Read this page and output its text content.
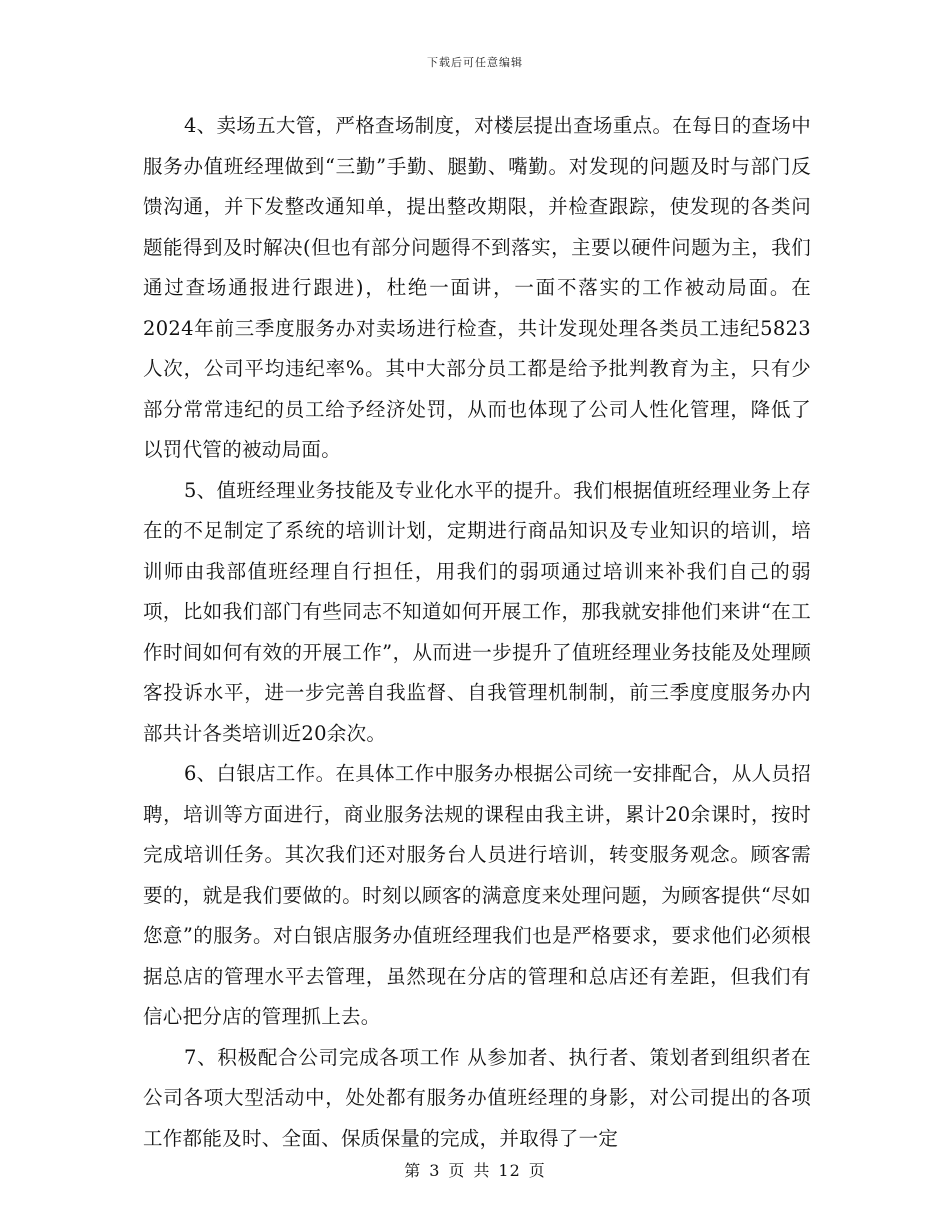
下载后可任意编辑

4、卖场五大管，严格查场制度，对楼层提出查场重点。在每日的查场中服务办值班经理做到“三勤”手勤、腿勤、嘴勤。对发现的问题及时与部门反馈沟通，并下发整改通知单，提出整改期限，并检查跟踪，使发现的各类问题能得到及时解决(但也有部分问题得不到落实，主要以硬件问题为主，我们通过查场通报进行跟进)，杜绝一面讲，一面不落实的工作被动局面。在2024年前三季度服务办对卖场进行检查，共计发现处理各类员工违纪5823人次，公司平均违纪率%。其中大部分员工都是给予批判教育为主，只有少部分常常违纪的员工给予经济处罚，从而也体现了公司人性化管理，降低了以罚代管的被动局面。

5、值班经理业务技能及专业化水平的提升。我们根据值班经理业务上存在的不足制定了系统的培训计划，定期进行商品知识及专业知识的培训，培训师由我部值班经理自行担任，用我们的弱项通过培训来补我们自己的弱项，比如我们部门有些同志不知道如何开展工作，那我就安排他们来讲“在工作时间如何有效的开展工作”，从而进一步提升了值班经理业务技能及处理顾客投诉水平，进一步完善自我监督、自我管理机制制，前三季度度服务办内部共计各类培训近20余次。

6、白银店工作。在具体工作中服务办根据公司统一安排配合，从人员招聘，培训等方面进行，商业服务法规的课程由我主讲，累计20余课时，按时完成培训任务。其次我们还对服务台人员进行培训，转变服务观念。顾客需要的，就是我们要做的。时刻以顾客的满意度来处理问题，为顾客提供“尽如您意”的服务。对白银店服务办值班经理我们也是严格要求，要求他们必须根据总店的管理水平去管理，虽然现在分店的管理和总店还有差距，但我们有信心把分店的管理抓上去。

7、积极配合公司完成各项工作 从参加者、执行者、策划者到组织者在公司各项大型活动中，处处都有服务办值班经理的身影，对公司提出的各项工作都能及时、全面、保质保量的完成，并取得了一定

第 3 页 共 12 页
